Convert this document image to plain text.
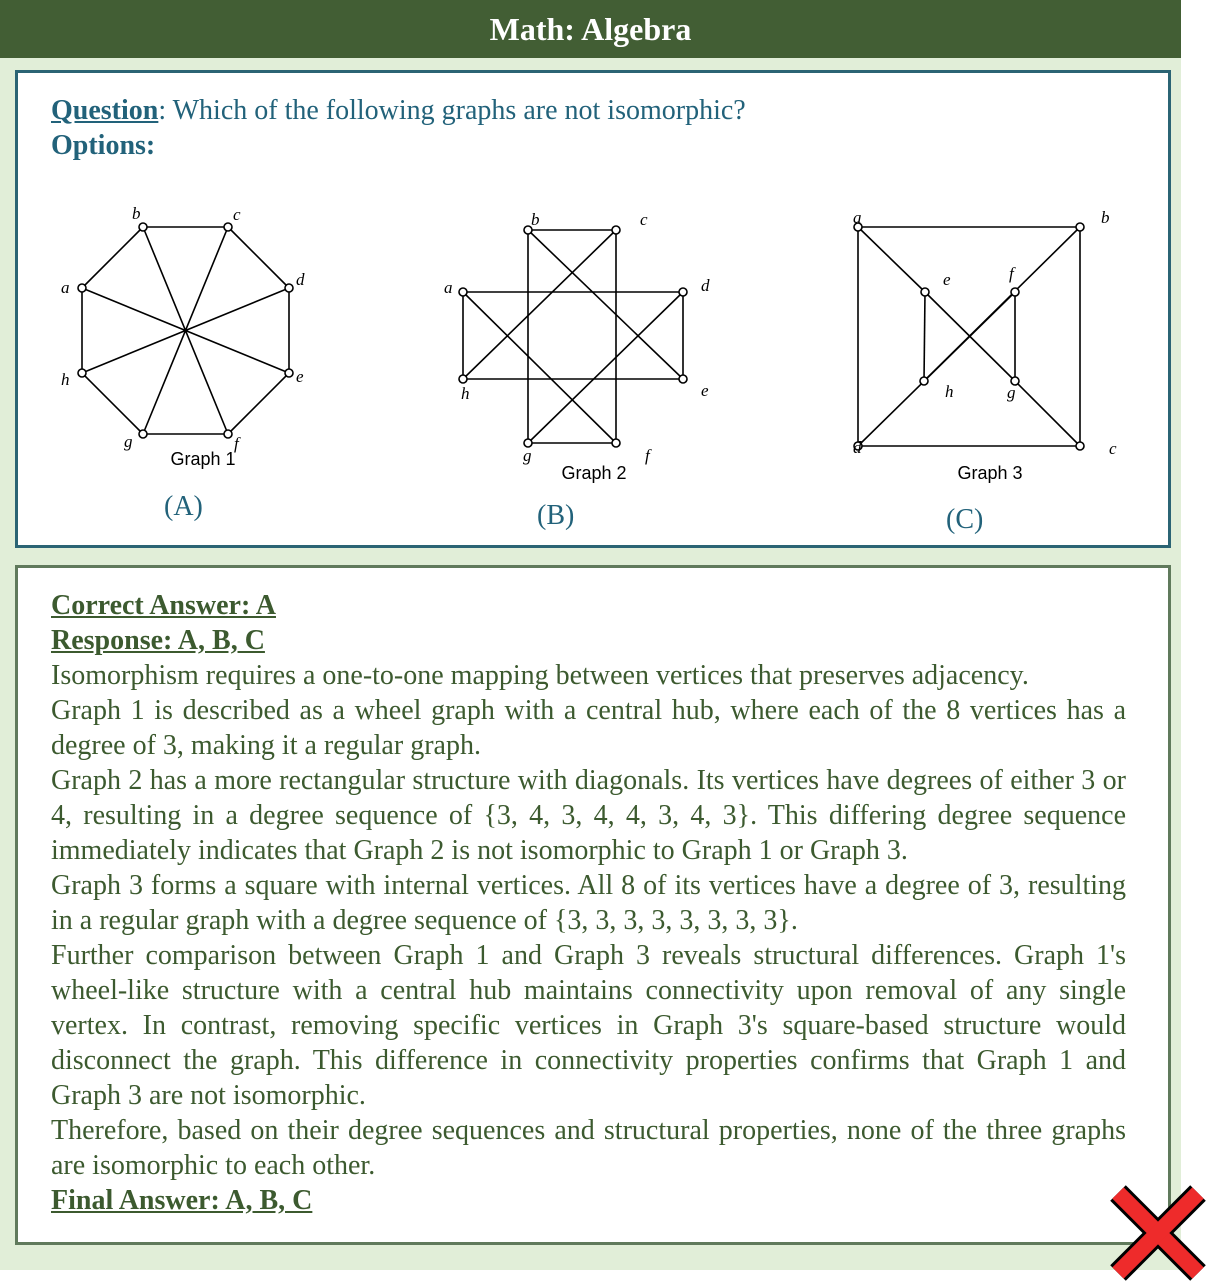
Math: Algebra
Question: Which of the following graphs are not isomorphic?
Options:
a
b	c
d
e
f
g
h
Graph 1
(A)
a
b	c
d
e
f
g
h
Graph 2
(B)
a	b
c
d
e	f
g
h
Graph 3
(C)
Correct Answer: A
Response: A, B, C
Isomorphism requires a one-to-one mapping between vertices that preserves adjacency.
Graph 1 is described as a wheel graph with a central hub, where each of the 8 vertices has a degree of 3, making it a regular graph.
Graph 2 has a more rectangular structure with diagonals. Its vertices have degrees of either 3 or 4, resulting in a degree sequence of {3, 4, 3, 4, 4, 3, 4, 3}. This differing degree sequence immediately indicates that Graph 2 is not isomorphic to Graph 1 or Graph 3.
Graph 3 forms a square with internal vertices. All 8 of its vertices have a degree of 3, resulting in a regular graph with a degree sequence of {3, 3, 3, 3, 3, 3, 3, 3}.
Further comparison between Graph 1 and Graph 3 reveals structural differences. Graph 1's wheel-like structure with a central hub maintains connectivity upon removal of any single vertex. In contrast, removing specific vertices in Graph 3's square-based structure would disconnect the graph. This difference in connectivity properties confirms that Graph 1 and Graph 3 are not isomorphic.
Therefore, based on their degree sequences and structural properties, none of the three graphs are isomorphic to each other.
Final Answer: A, B, C
